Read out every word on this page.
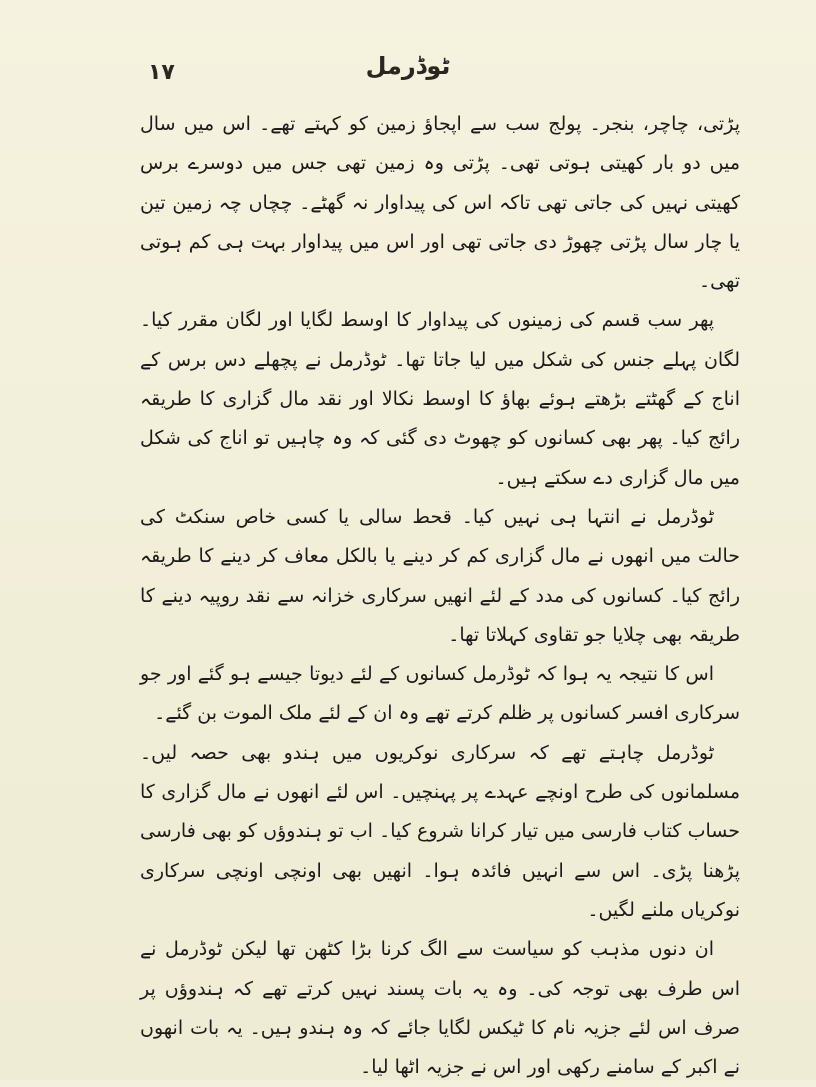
۱۷	ٹوڈرمل

پڑتی، چاچر، بنجر۔ پولج سب سے اپجاؤ زمین کو کہتے تھے۔ اس میں سال میں دو بار کھیتی ہوتی تھی۔ پڑتی وہ زمین تھی جس میں دوسرے برس کھیتی نہیں کی جاتی تھی تاکہ اس کی پیداوار نہ گھٹے۔ چچاں چہ زمین تین یا چار سال پڑتی چھوڑ دی جاتی تھی اور اس میں پیداوار بہت ہی کم ہوتی تھی۔

پھر سب قسم کی زمینوں کی پیداوار کا اوسط لگایا اور لگان مقرر کیا۔ لگان پہلے جنس کی شکل میں لیا جاتا تھا۔ ٹوڈرمل نے پچھلے دس برس کے اناج کے گھٹتے بڑھتے ہوئے بھاؤ کا اوسط نکالا اور نقد مال گزاری کا طریقہ رائج کیا۔ پھر بھی کسانوں کو چھوٹ دی گئی کہ وہ چاہیں تو اناج کی شکل میں مال گزاری دے سکتے ہیں۔

ٹوڈرمل نے انتہا ہی نہیں کیا۔ قحط سالی یا کسی خاص سنکٹ کی حالت میں انھوں نے مال گزاری کم کر دینے یا بالکل معاف کر دینے کا طریقہ رائج کیا۔ کسانوں کی مدد کے لئے انھیں سرکاری خزانہ سے نقد روپیہ دینے کا طریقہ بھی چلایا جو تقاوی کہلاتا تھا۔

اس کا نتیجہ یہ ہوا کہ ٹوڈرمل کسانوں کے لئے دیوتا جیسے ہو گئے اور جو سرکاری افسر کسانوں پر ظلم کرتے تھے وہ ان کے لئے ملک الموت بن گئے۔

ٹوڈرمل چاہتے تھے کہ سرکاری نوکریوں میں ہندو بھی حصہ لیں۔ مسلمانوں کی طرح اونچے عہدے پر پہنچیں۔ اس لئے انھوں نے مال گزاری کا حساب کتاب فارسی میں تیار کرانا شروع کیا۔ اب تو ہندوؤں کو بھی فارسی پڑھنا پڑی۔ اس سے انہیں فائدہ ہوا۔ انھیں بھی اونچی اونچی سرکاری نوکریاں ملنے لگیں۔

ان دنوں مذہب کو سیاست سے الگ کرنا بڑا کٹھن تھا لیکن ٹوڈرمل نے اس طرف بھی توجہ کی۔ وہ یہ بات پسند نہیں کرتے تھے کہ ہندوؤں پر صرف اس لئے جزیہ نام کا ٹیکس لگایا جائے کہ وہ ہندو ہیں۔ یہ بات انھوں نے اکبر کے سامنے رکھی اور اس نے جزیہ اٹھا لیا۔
